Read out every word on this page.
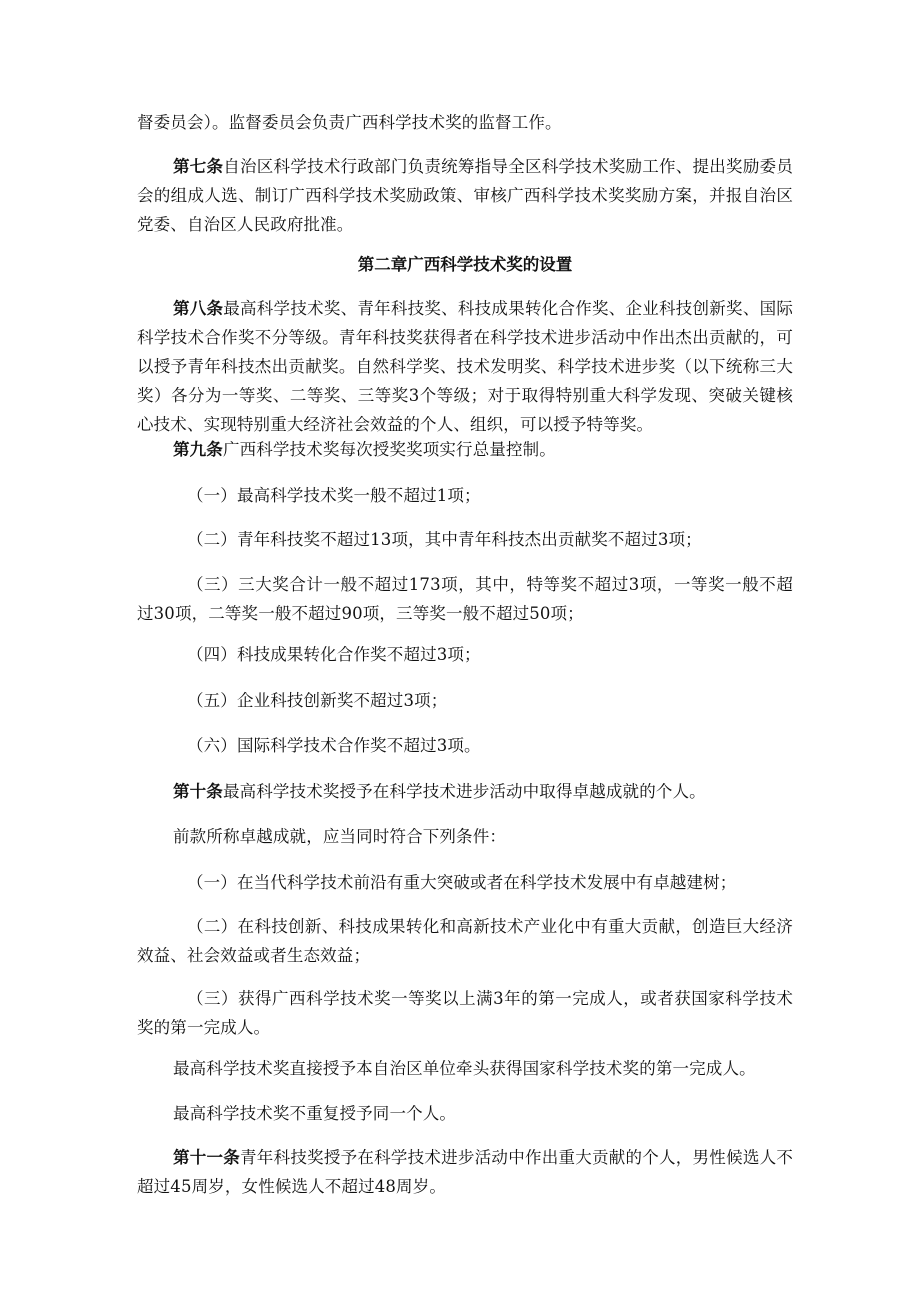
督委员会）。监督委员会负责广西科学技术奖的监督工作。

第七条自治区科学技术行政部门负责统筹指导全区科学技术奖励工作、提出奖励委员会的组成人选、制订广西科学技术奖励政策、审核广西科学技术奖奖励方案，并报自治区党委、自治区人民政府批准。

第二章广西科学技术奖的设置

第八条最高科学技术奖、青年科技奖、科技成果转化合作奖、企业科技创新奖、国际科学技术合作奖不分等级。青年科技奖获得者在科学技术进步活动中作出杰出贡献的，可以授予青年科技杰出贡献奖。自然科学奖、技术发明奖、科学技术进步奖（以下统称三大奖）各分为一等奖、二等奖、三等奖3个等级；对于取得特别重大科学发现、突破关键核心技术、实现特别重大经济社会效益的个人、组织，可以授予特等奖。

第九条广西科学技术奖每次授奖奖项实行总量控制。

（一）最高科学技术奖一般不超过1项；

（二）青年科技奖不超过13项，其中青年科技杰出贡献奖不超过3项；

（三）三大奖合计一般不超过173项，其中，特等奖不超过3项，一等奖一般不超过30项，二等奖一般不超过90项，三等奖一般不超过50项；

（四）科技成果转化合作奖不超过3项；

（五）企业科技创新奖不超过3项；

（六）国际科学技术合作奖不超过3项。

第十条最高科学技术奖授予在科学技术进步活动中取得卓越成就的个人。

前款所称卓越成就，应当同时符合下列条件：

（一）在当代科学技术前沿有重大突破或者在科学技术发展中有卓越建树；

（二）在科技创新、科技成果转化和高新技术产业化中有重大贡献，创造巨大经济效益、社会效益或者生态效益；

（三）获得广西科学技术奖一等奖以上满3年的第一完成人，或者获国家科学技术奖的第一完成人。

最高科学技术奖直接授予本自治区单位牵头获得国家科学技术奖的第一完成人。

最高科学技术奖不重复授予同一个人。

第十一条青年科技奖授予在科学技术进步活动中作出重大贡献的个人，男性候选人不超过45周岁，女性候选人不超过48周岁。
